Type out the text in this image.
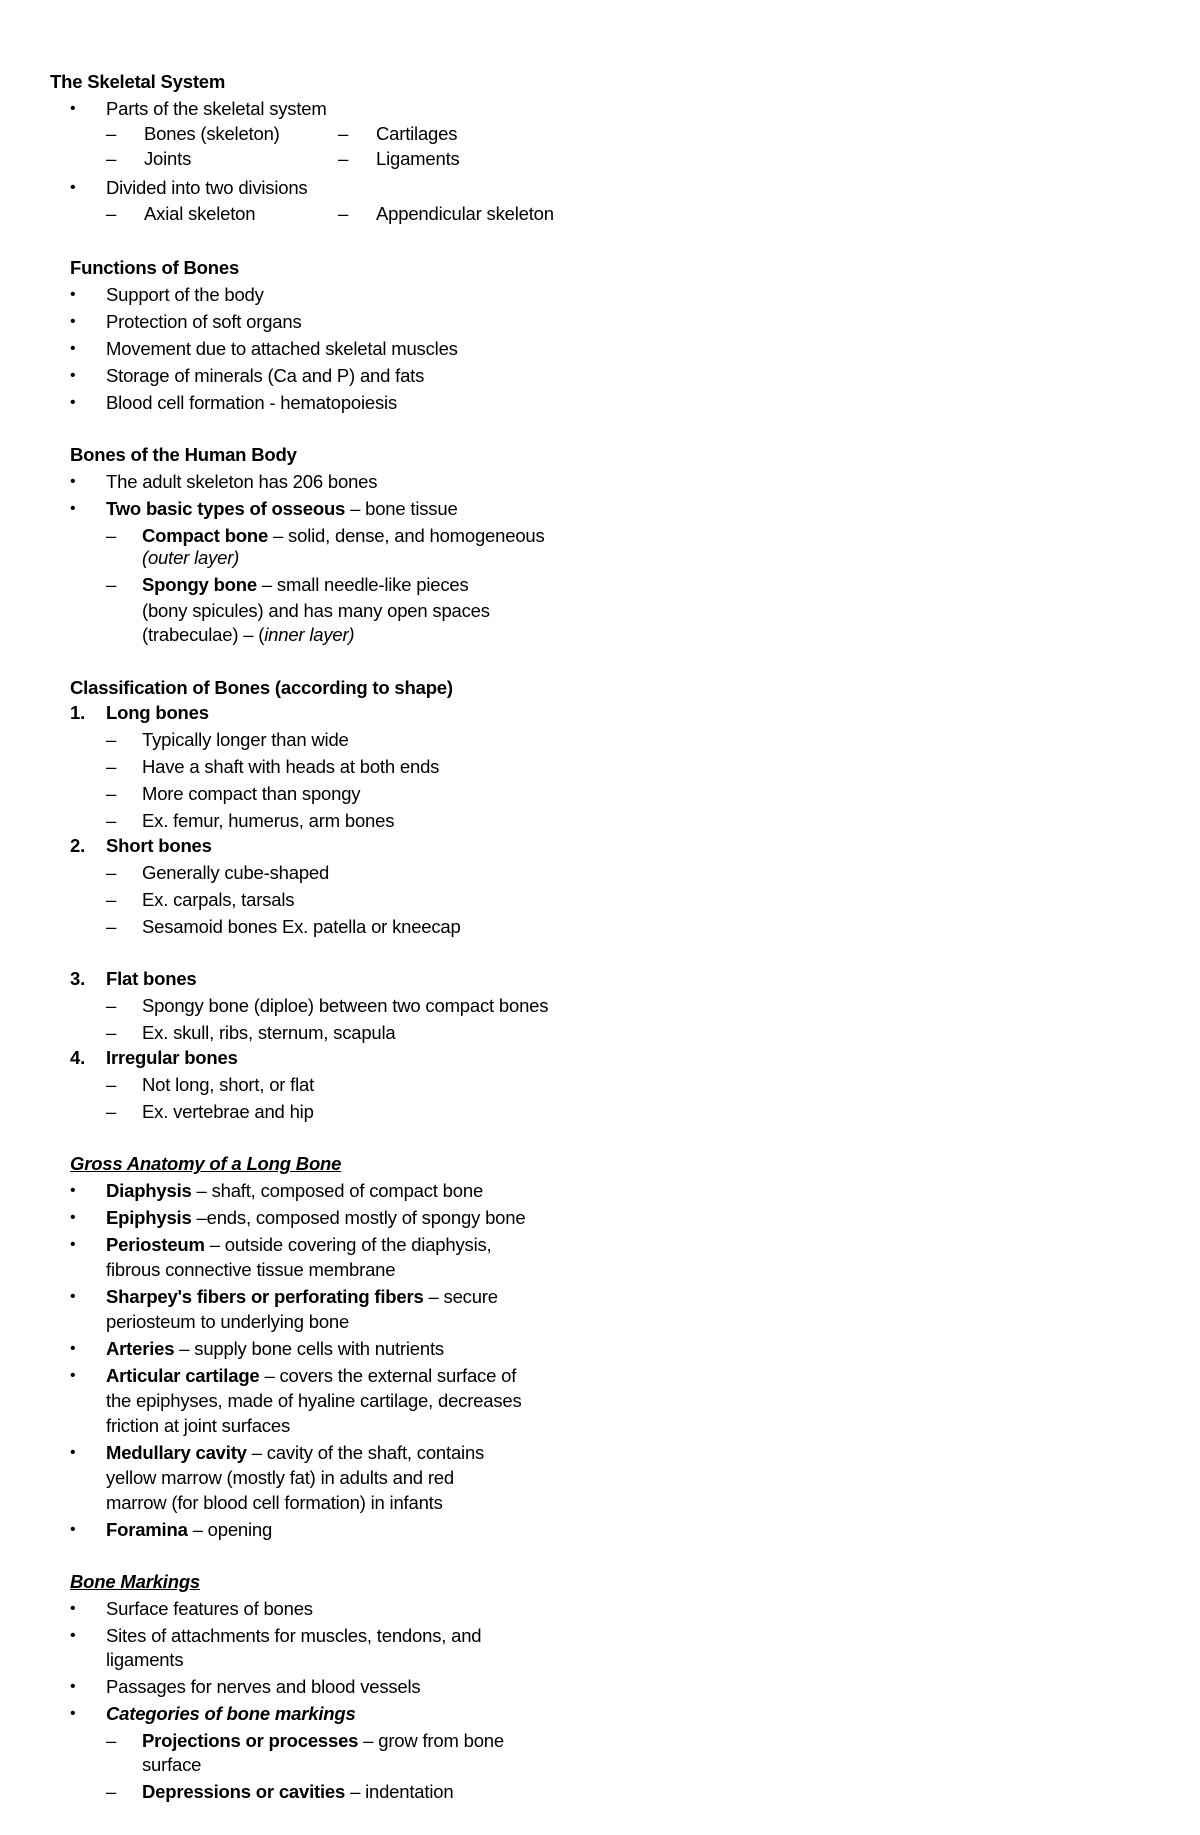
The Skeletal System
• Parts of the skeletal system
– Bones (skeleton)	– Cartilages
– Joints	– Ligaments
• Divided into two divisions
– Axial skeleton	– Appendicular skeleton
Functions of Bones
• Support of the body
• Protection of soft organs
• Movement due to attached skeletal muscles
• Storage of minerals (Ca and P) and fats
• Blood cell formation - hematopoiesis
Bones of the Human Body
• The adult skeleton has 206 bones
• Two basic types of osseous – bone tissue
– Compact bone – solid, dense, and homogeneous
(outer layer)
– Spongy bone – small needle-like pieces
(bony spicules) and has many open spaces
(trabeculae) – (inner layer)
Classification of Bones (according to shape)
1. Long bones
– Typically longer than wide
– Have a shaft with heads at both ends
– More compact than spongy
– Ex. femur, humerus, arm bones
2. Short bones
– Generally cube-shaped
– Ex. carpals, tarsals
– Sesamoid bones Ex. patella or kneecap
3. Flat bones
– Spongy bone (diploe) between two compact bones
– Ex. skull, ribs, sternum, scapula
4. Irregular bones
– Not long, short, or flat
– Ex. vertebrae and hip
Gross Anatomy of a Long Bone
• Diaphysis – shaft, composed of compact bone
• Epiphysis –ends, composed mostly of spongy bone
• Periosteum – outside covering of the diaphysis,
fibrous connective tissue membrane
• Sharpey's fibers or perforating fibers – secure
periosteum to underlying bone
• Arteries – supply bone cells with nutrients
• Articular cartilage – covers the external surface of
the epiphyses, made of hyaline cartilage, decreases
friction at joint surfaces
• Medullary cavity – cavity of the shaft, contains
yellow marrow (mostly fat) in adults and red
marrow (for blood cell formation) in infants
• Foramina – opening
Bone Markings
• Surface features of bones
• Sites of attachments for muscles, tendons, and
ligaments
• Passages for nerves and blood vessels
• Categories of bone markings
– Projections or processes – grow from bone
surface
– Depressions or cavities – indentation
